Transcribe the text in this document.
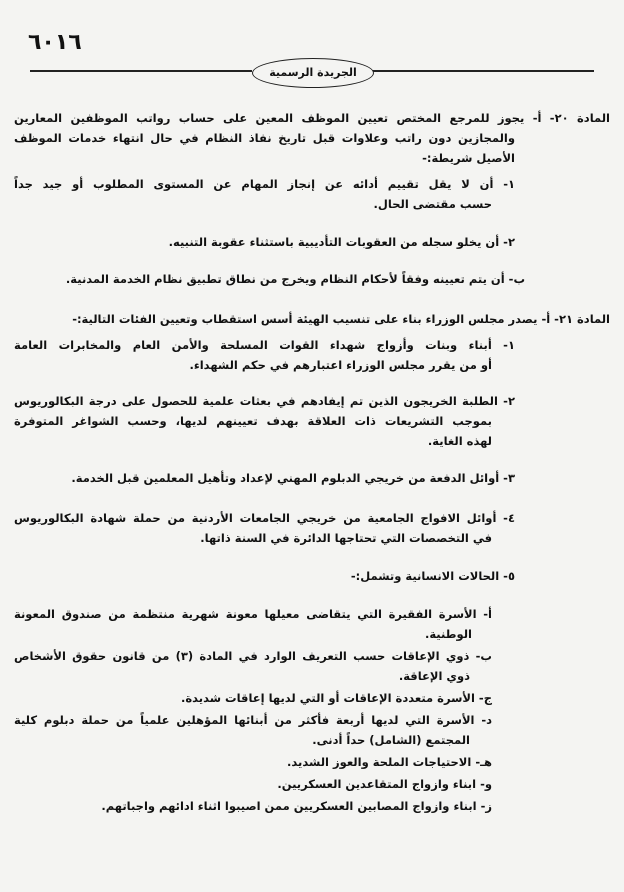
٦٠١٦
الجريدة الرسمية
المادة ٢٠- أ- يجوز للمرجع المختص تعيين الموظف المعين على حساب رواتب الموظفين المعارين
والمجازين دون راتب وعلاوات قبل تاريخ نفاذ النظام في حال انتهاء خدمات الموظف
الأصيل شريطة:-
١- أن لا يقل تقييم أدائه عن إنجاز المهام عن المستوى المطلوب أو جيد جداً
حسب مقتضى الحال.
٢- أن يخلو سجله من العقوبات التأديبية باستثناء عقوبة التنبيه.
ب- أن يتم تعيينه وفقاً لأحكام النظام ويخرج من نطاق تطبيق نظام الخدمة المدنية.
المادة ٢١- أ- يصدر مجلس الوزراء بناء على تنسيب الهيئة أسس استقطاب وتعيين الفئات التالية:-
١- أبناء وبنات وأزواج شهداء القوات المسلحة والأمن العام والمخابرات العامة
أو من يقرر مجلس الوزراء اعتبارهم في حكم الشهداء.
٢- الطلبة الخريجون الذين تم إيفادهم في بعثات علمية للحصول على درجة البكالوريوس
بموجب التشريعات ذات العلاقة بهدف تعيينهم لديها، وحسب الشواغر المتوفرة
لهذه الغاية.
٣- أوائل الدفعة من خريجي الدبلوم المهني لإعداد وتأهيل المعلمين قبل الخدمة.
٤- أوائل الافواج الجامعية من خريجي الجامعات الأردنية من حملة شهادة البكالوريوس
في التخصصات التي تحتاجها الدائرة في السنة ذاتها.
٥- الحالات الانسانية وتشمل:-
أ- الأسرة الفقيرة التي يتقاضى معيلها معونة شهرية منتظمة من صندوق المعونة
الوطنية.
ب- ذوي الإعاقات حسب التعريف الوارد في المادة (٣) من قانون حقوق الأشخاص
ذوي الإعاقة.
ج- الأسرة متعددة الإعاقات أو التي لديها إعاقات شديدة.
د- الأسرة التي لديها أربعة فأكثر من أبنائها المؤهلين علمياً من حملة دبلوم كلية
المجتمع (الشامل) حداً أدنى.
هـ- الاحتياجات الملحة والعوز الشديد.
و- ابناء وازواج المتقاعدين العسكريين.
ز- ابناء وازواج المصابين العسكريين ممن اصيبوا اثناء ادائهم واجباتهم.
